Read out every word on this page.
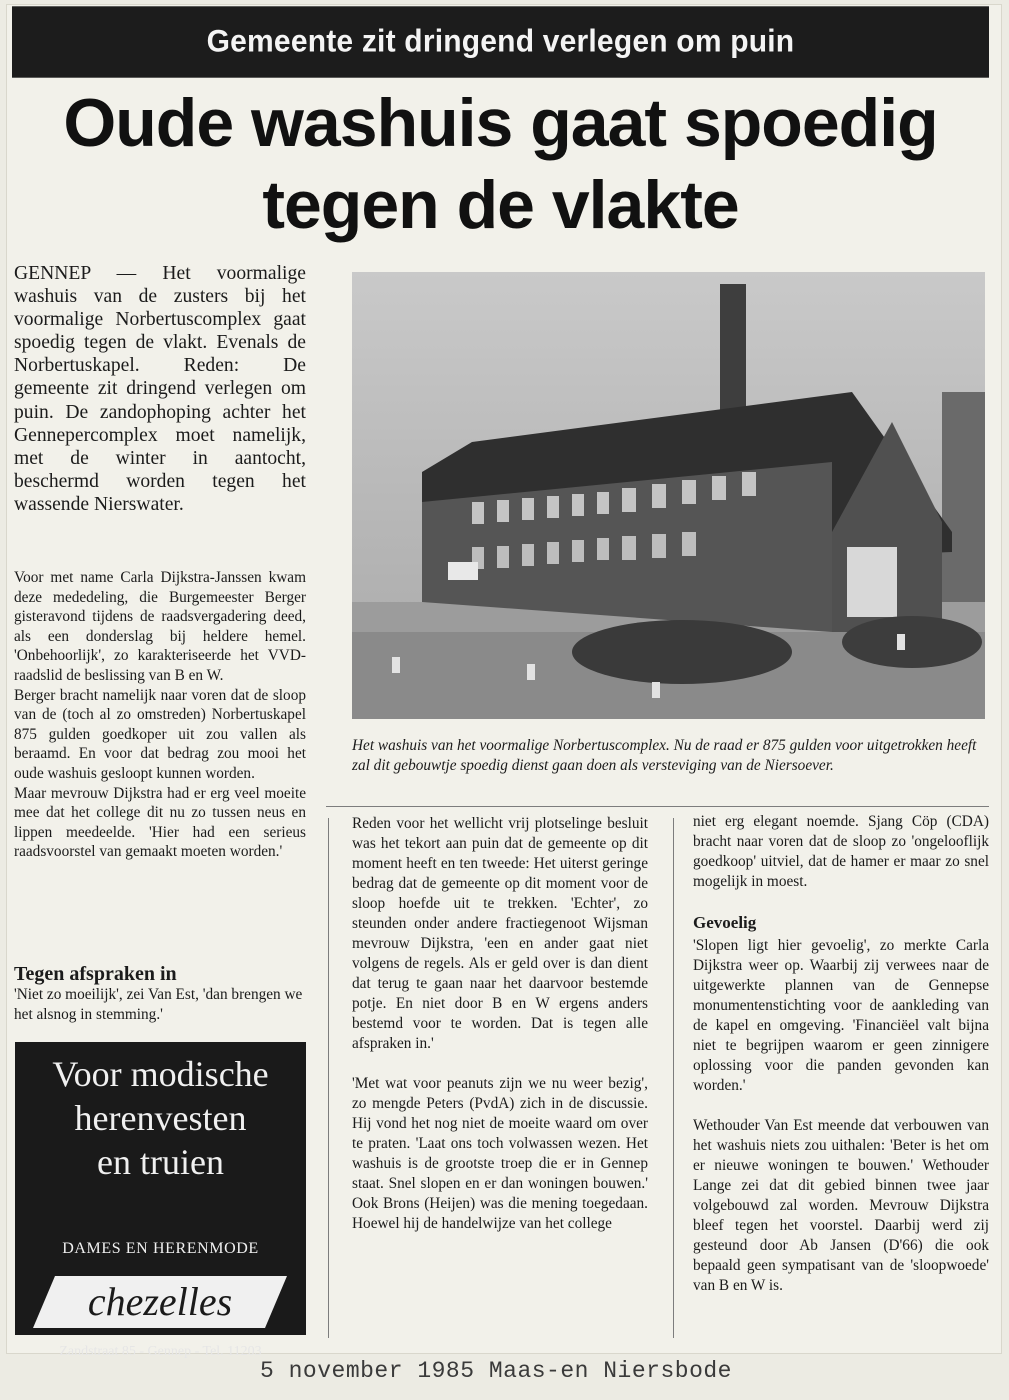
Gemeente zit dringend verlegen om puin
Oude washuis gaat spoedig
tegen de vlakte
GENNEP — Het voormalige washuis van de zusters bij het voormalige Norbertuscomplex gaat spoedig tegen de vlakt. Evenals de Norbertuskapel. Reden: De gemeente zit dringend verlegen om puin. De zandophoping achter het Gennepercomplex moet namelijk, met de winter in aantocht, beschermd worden tegen het wassende Nierswater.
Voor met name Carla Dijkstra-Janssen kwam deze mededeling, die Burgemeester Berger gisteravond tijdens de raadsvergadering deed, als een donderslag bij heldere hemel. 'Onbehoorlijk', zo karakteriseerde het VVD-raadslid de beslissing van B en W.
Berger bracht namelijk naar voren dat de sloop van de (toch al zo omstreden) Norbertuskapel 875 gulden goedkoper uit zou vallen als beraamd. En voor dat bedrag zou mooi het oude washuis gesloopt kunnen worden.
Maar mevrouw Dijkstra had er erg veel moeite mee dat het college dit nu zo tussen neus en lippen meedeelde. 'Hier had een serieus raadsvoorstel van gemaakt moeten worden.'
Tegen afspraken in
'Niet zo moeilijk', zei Van Est, 'dan brengen we het alsnog in stemming.'
Het washuis van het voormalige Norbertuscomplex. Nu de raad er 875 gulden voor uitgetrokken heeft zal dit gebouwtje spoedig dienst gaan doen als versteviging van de Niersoever.

Reden voor het wellicht vrij plotselinge besluit was het tekort aan puin dat de gemeente op dit moment heeft en ten tweede: Het uiterst geringe bedrag dat de gemeente op dit moment voor de sloop hoefde uit te trekken. 'Echter', zo steunden onder andere fractiegenoot Wijsman mevrouw Dijkstra, 'een en ander gaat niet volgens de regels. Als er geld over is dan dient dat terug te gaan naar het daarvoor bestemde potje. En niet door B en W ergens anders bestemd voor te worden. Dat is tegen alle afspraken in.'

'Met wat voor peanuts zijn we nu weer bezig', zo mengde Peters (PvdA) zich in de discussie. Hij vond het nog niet de moeite waard om over te praten. 'Laat ons toch volwassen wezen. Het washuis is de grootste troep die er in Gennep staat. Snel slopen en er dan woningen bouwen.' Ook Brons (Heijen) was die mening toegedaan. Hoewel hij de handelwijze van het college

niet erg elegant noemde. Sjang Cöp (CDA) bracht naar voren dat de sloop zo 'ongelooflijk goedkoop' uitviel, dat de hamer er maar zo snel mogelijk in moest.

Gevoelig

'Slopen ligt hier gevoelig', zo merkte Carla Dijkstra weer op. Waarbij zij verwees naar de uitgewerkte plannen van de Gennepse monumentenstichting voor de aankleding van de kapel en omgeving. 'Financiëel valt bijna niet te begrijpen waarom er geen zinnigere oplossing voor die panden gevonden kan worden.'

Wethouder Van Est meende dat verbouwen van het washuis niets zou uithalen: 'Beter is het om er nieuwe woningen te bouwen.' Wethouder Lange zei dat dit gebied binnen twee jaar volgebouwd zal worden. Mevrouw Dijkstra bleef tegen het voorstel. Daarbij werd zij gesteund door Ab Jansen (D'66) die ook bepaald geen sympatisant van de 'sloopwoede' van B en W is.

Voor modische
herenvesten
en truien
DAMES EN HERENMODE
chezelles
Zandstraat 85 - Gennep - Tel. 11203
5 november 1985 Maas-en Niersbode
